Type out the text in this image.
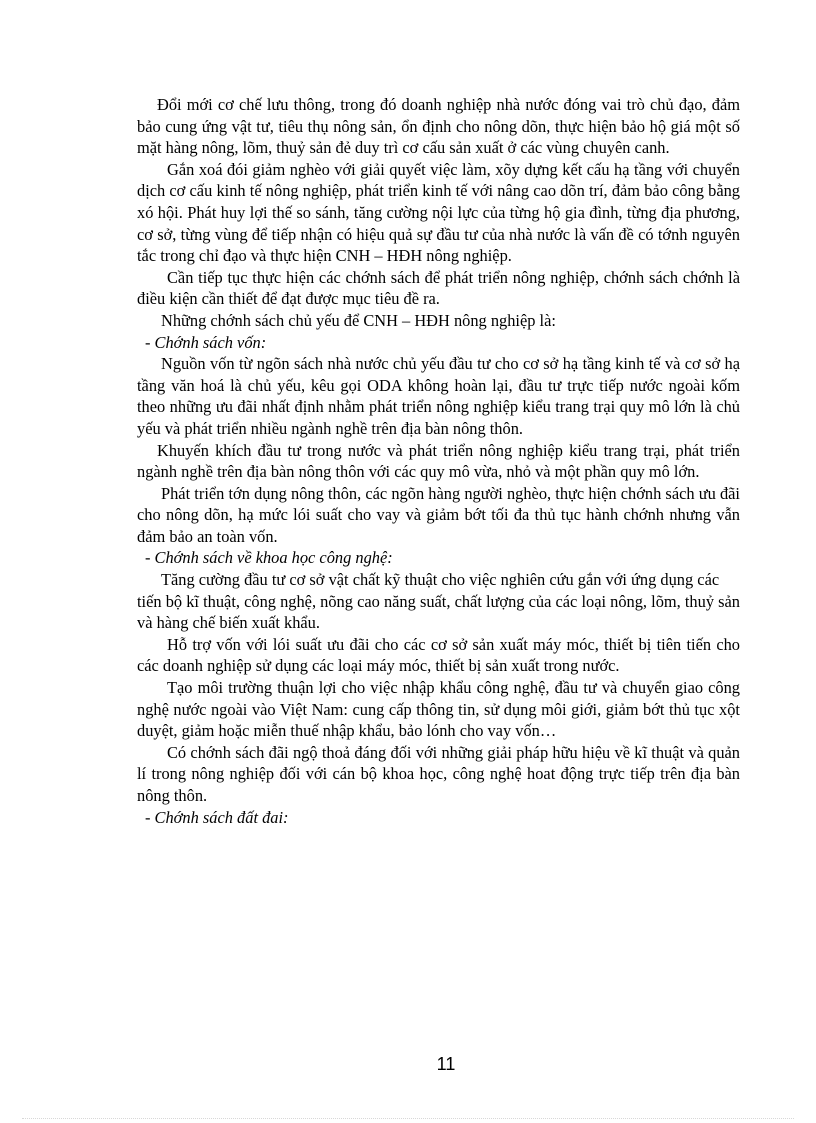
Đổi mới cơ chế lưu thông, trong đó doanh nghiệp nhà nước đóng vai trò chủ đạo, đảm bảo cung ứng vật tư, tiêu thụ nông sản, ổn định cho nông dõn, thực hiện bảo hộ giá một số mặt hàng nông, lõm, thuỷ sản đẻ duy trì cơ cấu sản xuất ở các vùng chuyên canh.

Gắn xoá đói giảm nghèo với giải quyết việc làm, xõy dựng kết cấu hạ tầng với chuyển dịch cơ cấu kinh tế nông nghiệp, phát triển kinh tế với nâng cao dõn trí, đảm bảo công bằng xó hội. Phát huy lợi thế so sánh, tăng cường nội lực của từng hộ gia đình, từng địa phương, cơ sở, từng vùng để tiếp nhận có hiệu quả sự đầu tư của nhà nước là vấn đề có tớnh nguyên tắc trong chỉ đạo và thực hiện CNH – HĐH nông nghiệp.

Cần tiếp tục thực hiện các chớnh sách để phát triển nông nghiệp, chớnh sách chớnh là điều kiện cần thiết để đạt được mục tiêu đề ra.

Những chớnh sách chủ yếu để CNH – HĐH nông nghiệp là:

- Chớnh sách vốn:

Nguồn vốn từ ngõn sách nhà nước chủ yếu đầu tư cho cơ sở hạ tầng kinh tế và cơ sở hạ tầng văn hoá là chủ yếu, kêu gọi ODA không hoàn lại, đầu tư trực tiếp nước ngoài kốm theo những ưu đãi nhất định nhằm phát triển nông nghiệp kiểu trang trại quy mô lớn là chủ yếu và phát triển nhiều ngành nghề trên địa bàn nông thôn.

Khuyến khích đầu tư trong nước và phát triển nông nghiệp kiểu trang trại, phát triển ngành nghề trên địa bàn nông thôn với các quy mô vừa, nhỏ và một phần quy mô lớn.

Phát triển tớn dụng nông thôn, các ngõn hàng người nghèo, thực hiện chớnh sách ưu đãi cho nông dõn, hạ mức lói suất cho vay và giảm bớt tối đa thủ tục hành chớnh nhưng vẫn đảm bảo an toàn vốn.

- Chớnh sách về khoa học công nghệ:

Tăng cường đầu tư cơ sở vật chất kỹ thuật cho việc nghiên cứu gắn với ứng dụng các

tiến bộ kĩ thuật, công nghệ, nõng cao năng suất, chất lượng của các loại nông, lõm, thuỷ sản và hàng chế biến xuất khẩu.

Hỗ trợ vốn với lói suất ưu đãi cho các cơ sở sản xuất máy móc, thiết bị tiên tiến cho các doanh nghiệp sử dụng các loại máy móc, thiết bị sản xuất trong nước.

Tạo môi trường thuận lợi cho việc nhập khẩu công nghệ, đầu tư và chuyển giao công nghệ nước ngoài vào Việt Nam: cung cấp thông tin, sử dụng môi giới, giảm bớt thủ tục xột duyệt, giảm hoặc miễn thuế nhập khẩu, bảo lónh cho vay vốn…

Có chớnh sách đãi ngộ thoả đáng đối với những giải pháp hữu hiệu về kĩ thuật và quản lí trong nông nghiệp đối với cán bộ khoa học, công nghệ hoat động trực tiếp trên địa bàn nông thôn.

- Chớnh sách đất đai:

11
